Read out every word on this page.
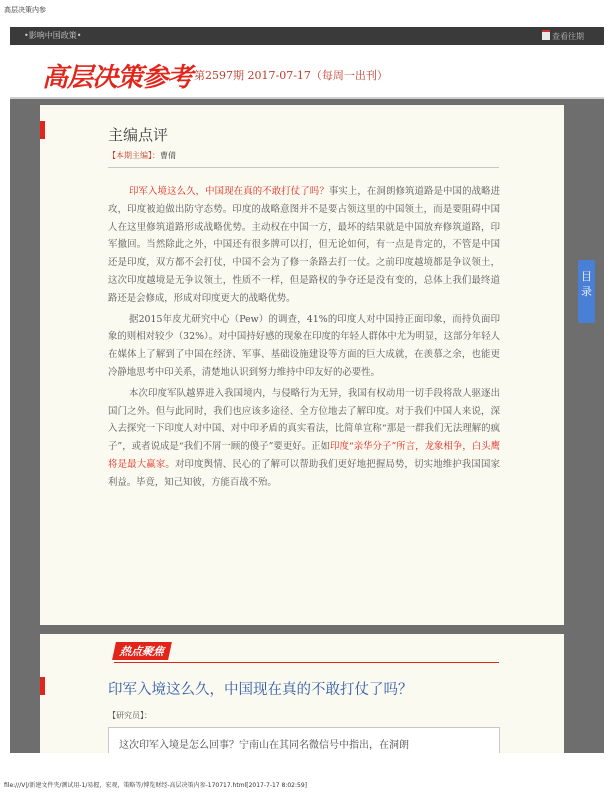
高层决策内参
•影响中国政策•	查看往期
高层决策参考 第2597期 2017-07-17（每周一出刊）
主编点评
【本期主编】：曹倩

印军入境这么久，中国现在真的不敢打仗了吗？事实上，在洞朗修筑道路是中国的战略进攻，印度被迫做出防守态势。印度的战略意图并不是要占领这里的中国领土，而是要阻碍中国人在这里修筑道路形成战略优势。主动权在中国一方，最坏的结果就是中国放弃修筑道路，印军撤回。当然除此之外，中国还有很多牌可以打，但无论如何，有一点是肯定的，不管是中国还是印度，双方都不会打仗，中国不会为了修一条路去打一仗。之前印度越境都是争议领土，这次印度越境是无争议领土，性质不一样，但是路权的争夺还是没有变的，总体上我们最终道路还是会修成，形成对印度更大的战略优势。

据2015年皮尤研究中心（Pew）的调查，41%的印度人对中国持正面印象，而持负面印象的则相对较少（32%）。对中国持好感的现象在印度的年轻人群体中尤为明显，这部分年轻人在媒体上了解到了中国在经济、军事、基础设施建设等方面的巨大成就，在羡慕之余，也能更冷静地思考中印关系，清楚地认识到努力维持中印友好的必要性。

本次印度军队越界进入我国境内，与侵略行为无异，我国有权动用一切手段将敌人驱逐出国门之外。但与此同时，我们也应该多途径、全方位地去了解印度。对于我们中国人来说，深入去探究一下印度人对中国、对中印矛盾的真实看法，比简单宣称“那是一群我们无法理解的疯子”，或者说成是“我们不屑一顾的傻子”要更好。正如印度“亲华分子”所言，龙象相争，白头鹰将是最大赢家。对印度舆情、民心的了解可以帮助我们更好地把握局势，切实地维护我国国家利益。毕竟，知己知彼，方能百战不殆。

目录
热点聚焦
印军入境这么久，中国现在真的不敢打仗了吗？
【研究员】：
这次印军入境是怎么回事？宁南山在其同名微信号中指出，在洞朗
file:///V|/新建文件夹/测试用-1/易握，宏观，策略等/博览财经-高层决策内参-170717.html[2017-7-17 8:02:59]
